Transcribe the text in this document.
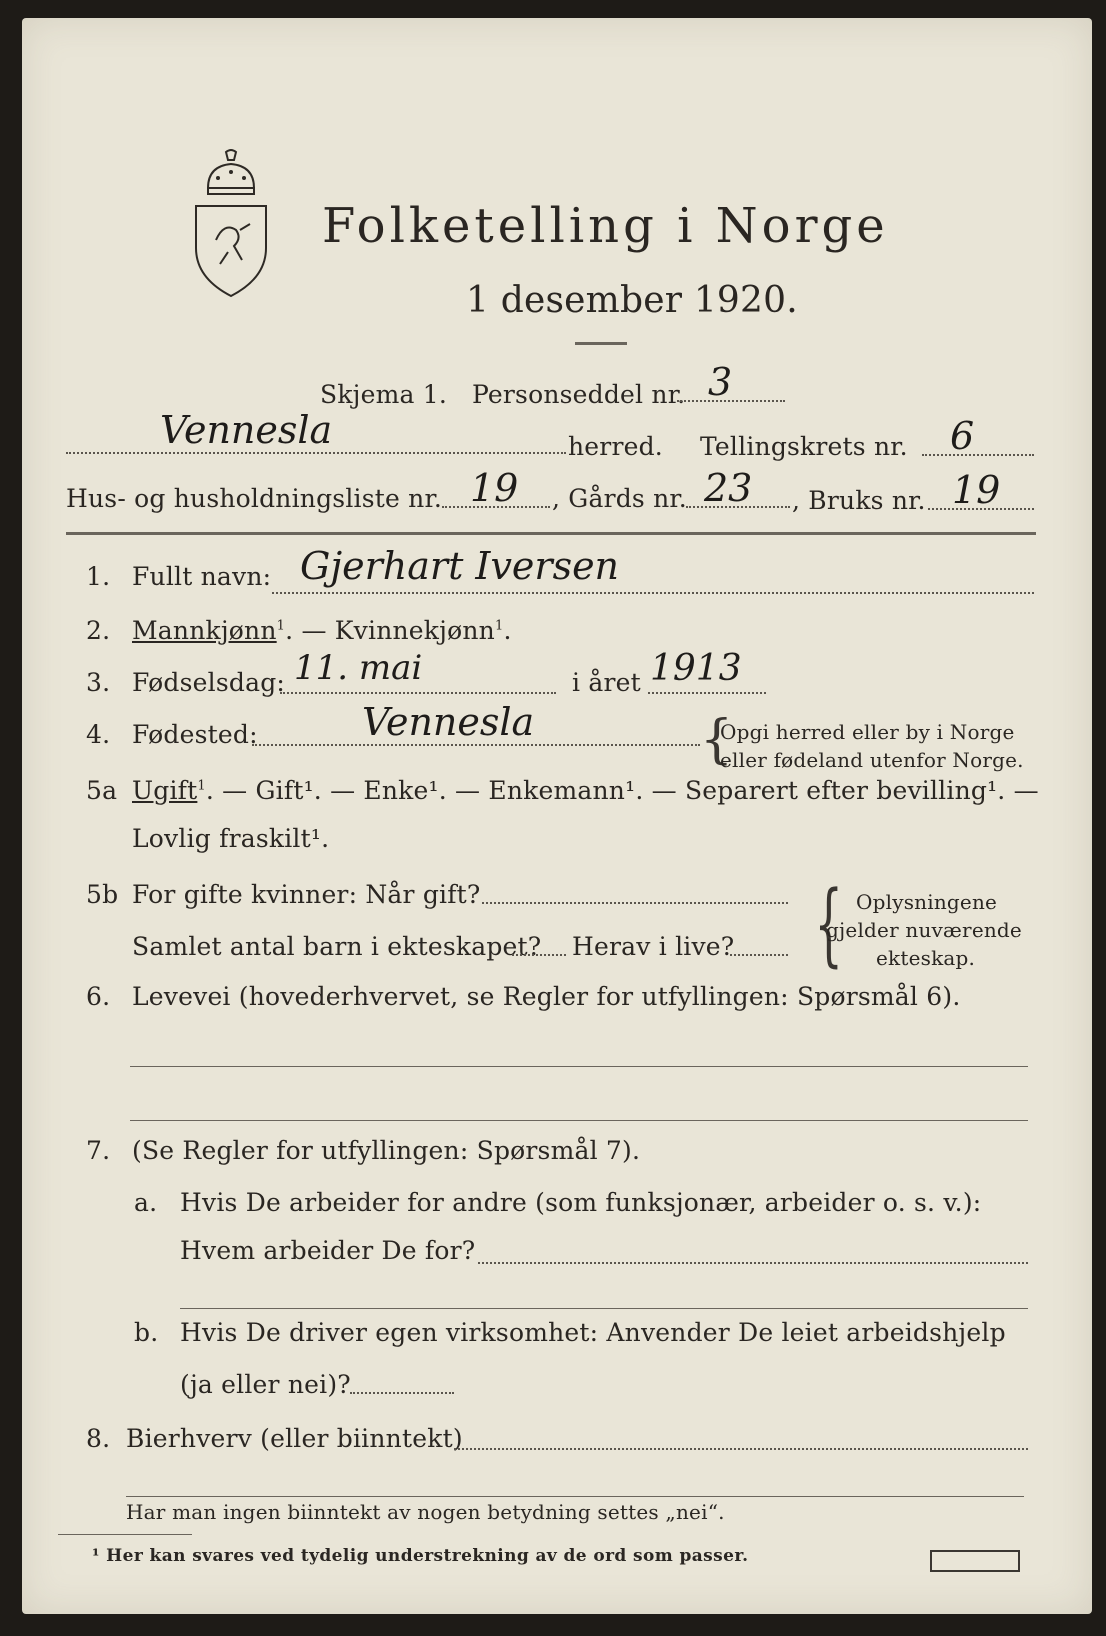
Folketelling i Norge
1 desember 1920.
Skjema 1. Personseddel nr. 3
Vennesla	herred. Tellingskrets nr. 6
Hus- og husholdningsliste nr. 19 , Gårds nr. 23 , Bruks nr. 19
1. Fullt navn: Gjerhart Iversen
2. Mannkjønn$^1$. — Kvinnekjønn$^1$.
3. Fødselsdag: 11. mai	i året 1913
4. Fødested:	Vennesla	{
Opgi herred eller by i Norge
eller fødeland utenfor Norge.
5a Ugift$^1$. — Gift¹. — Enke¹. — Enkemann¹. — Separert efter bevilling¹. —
Lovlig fraskilt¹.
5b For gifte kvinner: Når gift?
Samlet antal barn i ekteskapet? Herav i live? { Oplysningene
gjelder nuværende
ekteskap.
6. Levevei (hovederhvervet, se Regler for utfyllingen: Spørsmål 6).
7. (Se Regler for utfyllingen: Spørsmål 7).
a. Hvis De arbeider for andre (som funksjonær, arbeider o. s. v.):
Hvem arbeider De for?
b. Hvis De driver egen virksomhet: Anvender De leiet arbeidshjelp
(ja eller nei)?
8. Bierhverv (eller biinntekt)
Har man ingen biinntekt av nogen betydning settes „nei“.
¹ Her kan svares ved tydelig understrekning av de ord som passer.
